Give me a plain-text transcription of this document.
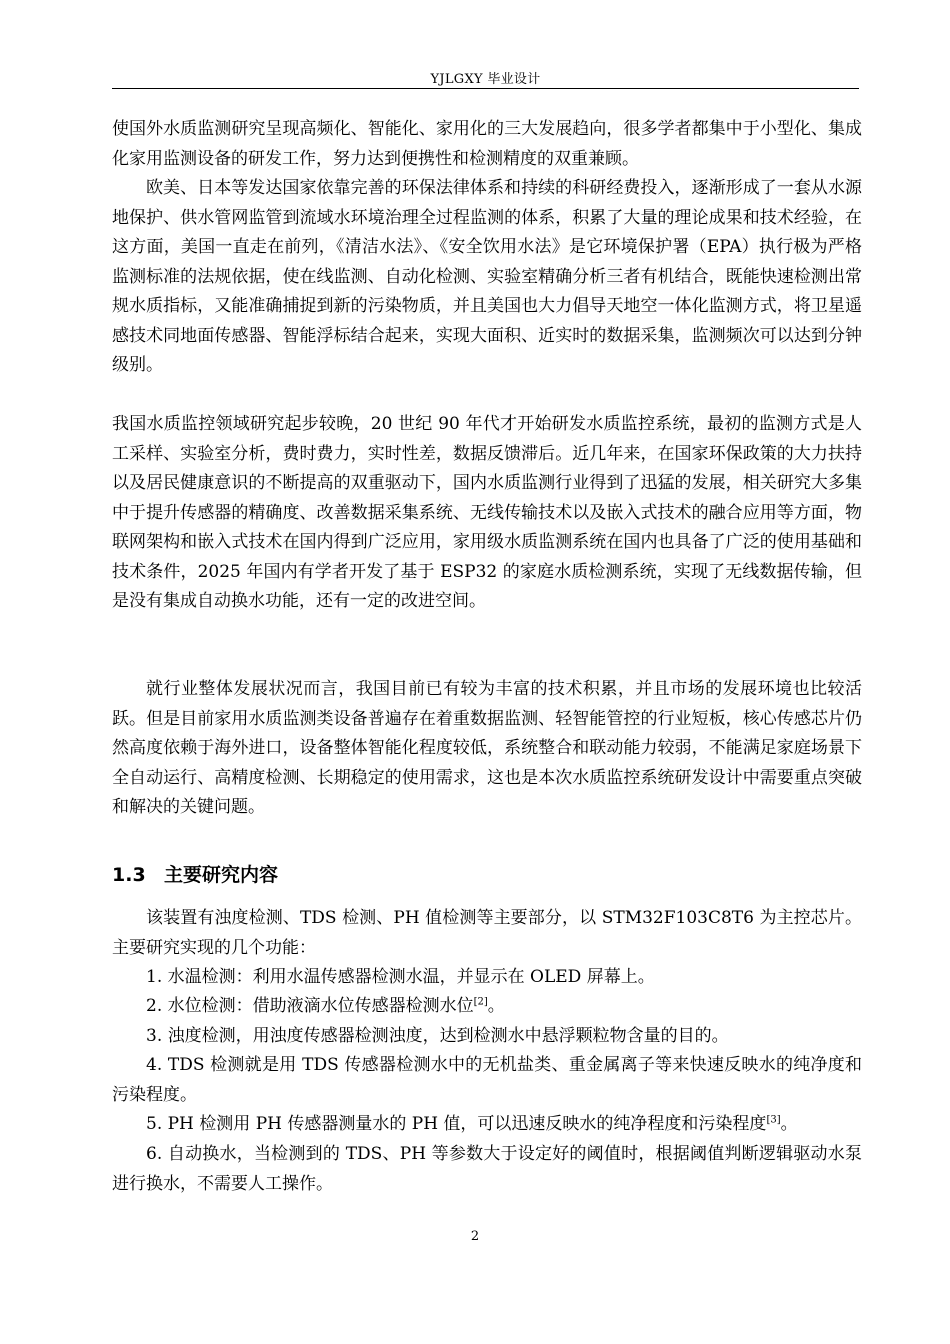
YJLGXY 毕业设计

使国外水质监测研究呈现高频化、智能化、家用化的三大发展趋向，很多学者都集中于小型化、集成化家用监测设备的研发工作，努力达到便携性和检测精度的双重兼顾。

欧美、日本等发达国家依靠完善的环保法律体系和持续的科研经费投入，逐渐形成了一套从水源地保护、供水管网监管到流域水环境治理全过程监测的体系，积累了大量的理论成果和技术经验，在这方面，美国一直走在前列，《清洁水法》、《安全饮用水法》是它环境保护署（EPA）执行极为严格监测标准的法规依据，使在线监测、自动化检测、实验室精确分析三者有机结合，既能快速检测出常规水质指标，又能准确捕捉到新的污染物质，并且美国也大力倡导天地空一体化监测方式，将卫星遥感技术同地面传感器、智能浮标结合起来，实现大面积、近实时的数据采集，监测频次可以达到分钟级别。

我国水质监控领域研究起步较晚，20 世纪 90 年代才开始研发水质监控系统，最初的监测方式是人工采样、实验室分析，费时费力，实时性差，数据反馈滞后。近几年来，在国家环保政策的大力扶持以及居民健康意识的不断提高的双重驱动下，国内水质监测行业得到了迅猛的发展，相关研究大多集中于提升传感器的精确度、改善数据采集系统、无线传输技术以及嵌入式技术的融合应用等方面，物联网架构和嵌入式技术在国内得到广泛应用，家用级水质监测系统在国内也具备了广泛的使用基础和技术条件，2025 年国内有学者开发了基于 ESP32 的家庭水质检测系统，实现了无线数据传输，但是没有集成自动换水功能，还有一定的改进空间。

就行业整体发展状况而言，我国目前已有较为丰富的技术积累，并且市场的发展环境也比较活跃。但是目前家用水质监测类设备普遍存在着重数据监测、轻智能管控的行业短板，核心传感芯片仍然高度依赖于海外进口，设备整体智能化程度较低，系统整合和联动能力较弱，不能满足家庭场景下全自动运行、高精度检测、长期稳定的使用需求，这也是本次水质监控系统研发设计中需要重点突破和解决的关键问题。

1.3 主要研究内容

该装置有浊度检测、TDS 检测、PH 值检测等主要部分，以 STM32F103C8T6 为主控芯片。主要研究实现的几个功能：

1. 水温检测：利用水温传感器检测水温，并显示在 OLED 屏幕上。

2. 水位检测：借助液滴水位传感器检测水位[2]。

3. 浊度检测，用浊度传感器检测浊度，达到检测水中悬浮颗粒物含量的目的。

4. TDS 检测就是用 TDS 传感器检测水中的无机盐类、重金属离子等来快速反映水的纯净度和污染程度。

5. PH 检测用 PH 传感器测量水的 PH 值，可以迅速反映水的纯净程度和污染程度[3]。

6. 自动换水，当检测到的 TDS、PH 等参数大于设定好的阈值时，根据阈值判断逻辑驱动水泵进行换水，不需要人工操作。

2
